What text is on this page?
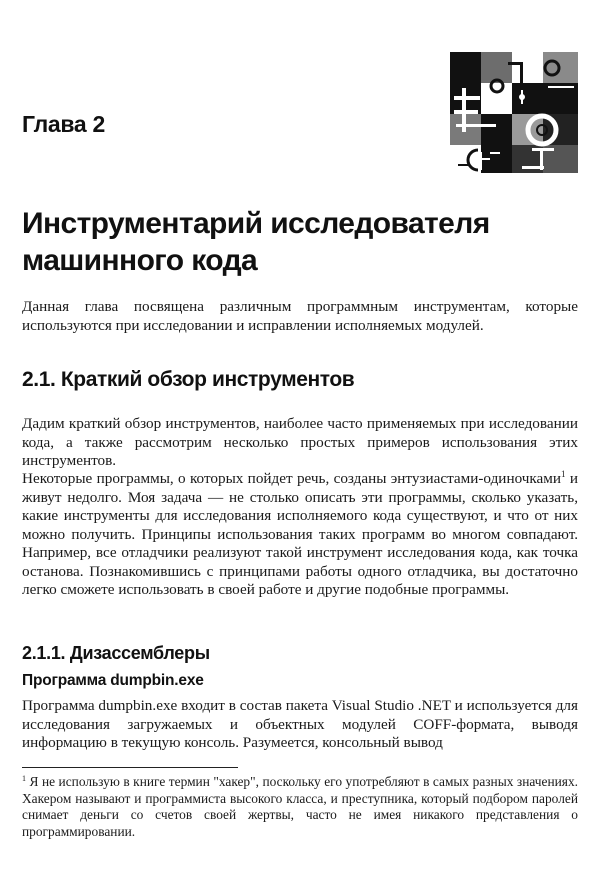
Глава 2
Инструментарий исследователя машинного кода

Данная глава посвящена различным программным инструментам, которые используются при исследовании и исправлении исполняемых модулей.

2.1. Краткий обзор инструментов

Дадим краткий обзор инструментов, наиболее часто применяемых при исследовании кода, а также рассмотрим несколько простых примеров использования этих инструментов.

Некоторые программы, о которых пойдет речь, созданы энтузиастами-одиночками$^1$ и живут недолго. Моя задача — не столько описать эти программы, сколько указать, какие инструменты для исследования исполняемого кода существуют, и что от них можно получить. Принципы использования таких программ во многом совпадают. Например, все отладчики реализуют такой инструмент исследования кода, как точка останова. Познакомившись с принципами работы одного отладчика, вы достаточно легко сможете использовать в своей работе и другие подобные программы.

2.1.1. Дизассемблеры
Программа dumpbin.exe

Программа dumpbin.exe входит в состав пакета Visual Studio .NET и используется для исследования загружаемых и объектных модулей COFF-формата, выводя информацию в текущую консоль. Разумеется, консольный вывод

$^1$ Я не использую в книге термин "хакер", поскольку его употребляют в самых разных значениях. Хакером называют и программиста высокого класса, и преступника, который подбором паролей снимает деньги со счетов своей жертвы, часто не имея никакого представления о программировании.
